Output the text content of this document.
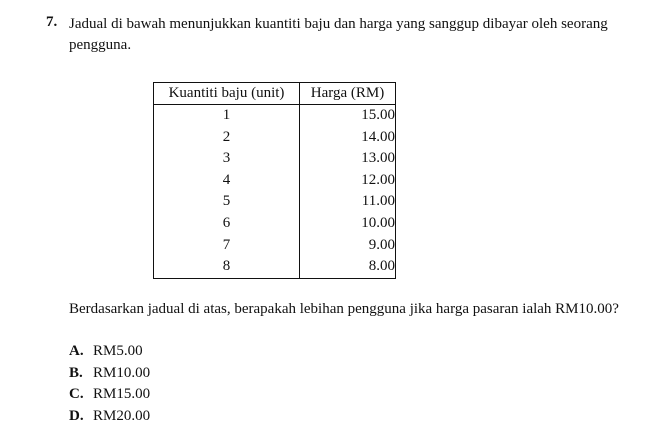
7. Jadual di bawah menunjukkan kuantiti baju dan harga yang sanggup dibayar oleh seorang pengguna.
Kuantiti baju (unit)	Harga (RM)
1	15.00
2	14.00
3	13.00
4	12.00
5	11.00
6	10.00
7	9.00
8	8.00
Berdasarkan jadual di atas, berapakah lebihan pengguna jika harga pasaran ialah RM10.00?
A. RM5.00
B. RM10.00
C. RM15.00
D. RM20.00
